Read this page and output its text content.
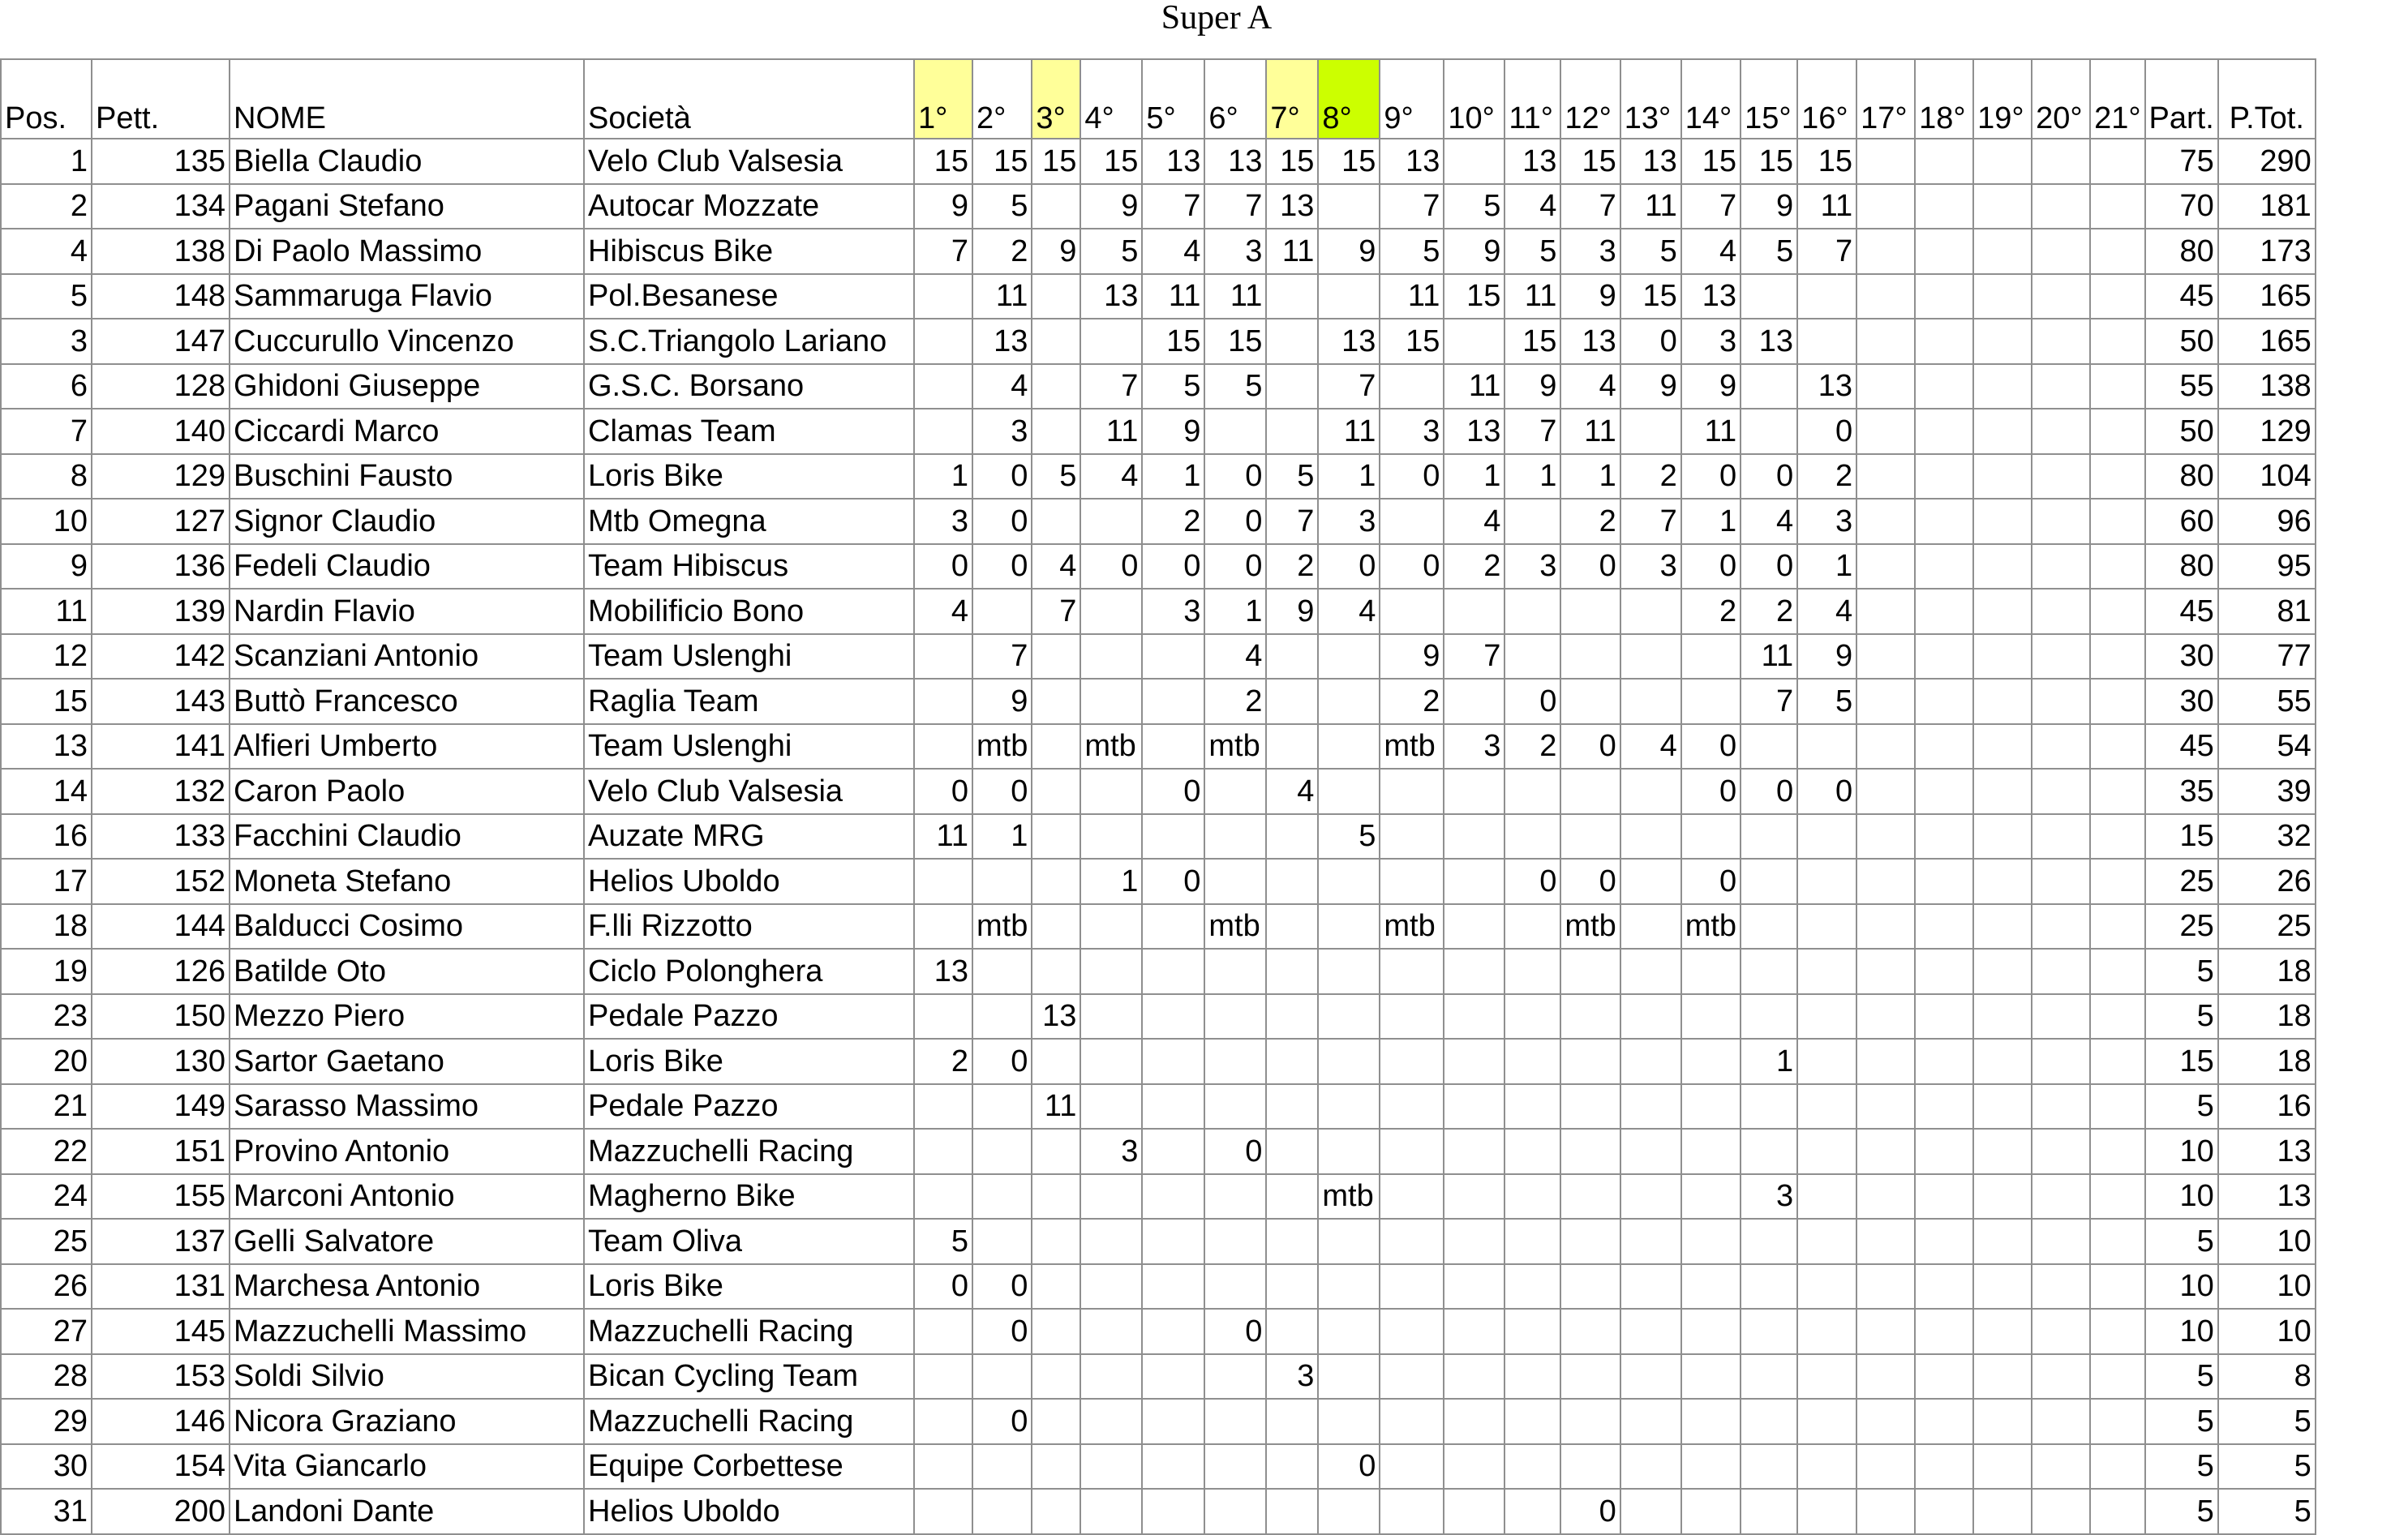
Super A
Pos.	Pett.	NOME	Società	1°	2°	3°	4°	5°	6°	7°	8°	9°	10°	11°	12°	13°	14°	15°	16°	17°	18°	19°	20°	21°	Part.	P.Tot.
1	135	Biella Claudio	Velo Club Valsesia	15	15	15	15	13	13	15	15	13		13	15	13	15	15	15						75	290
2	134	Pagani Stefano	Autocar Mozzate	9	5		9	7	7	13		7	5	4	7	11	7	9	11						70	181
4	138	Di Paolo Massimo	Hibiscus Bike	7	2	9	5	4	3	11	9	5	9	5	3	5	4	5	7						80	173
5	148	Sammaruga Flavio	Pol.Besanese		11		13	11	11			11	15	11	9	15	13								45	165
3	147	Cuccurullo Vincenzo	S.C.Triangolo Lariano		13			15	15		13	15		15	13	0	3	13							50	165
6	128	Ghidoni Giuseppe	G.S.C. Borsano		4		7	5	5		7		11	9	4	9	9		13						55	138
7	140	Ciccardi Marco	Clamas Team		3		11	9			11	3	13	7	11		11		0						50	129
8	129	Buschini Fausto	Loris Bike	1	0	5	4	1	0	5	1	0	1	1	1	2	0	0	2						80	104
10	127	Signor Claudio	Mtb Omegna	3	0			2	0	7	3		4		2	7	1	4	3						60	96
9	136	Fedeli Claudio	Team Hibiscus	0	0	4	0	0	0	2	0	0	2	3	0	3	0	0	1						80	95
11	139	Nardin Flavio	Mobilificio Bono	4		7		3	1	9	4						2	2	4						45	81
12	142	Scanziani Antonio	Team Uslenghi		7				4			9	7					11	9						30	77
15	143	Buttò Francesco	Raglia Team		9				2			2		0				7	5						30	55
13	141	Alfieri Umberto	Team Uslenghi		mtb		mtb		mtb			mtb	3	2	0	4	0								45	54
14	132	Caron Paolo	Velo Club Valsesia	0	0			0		4							0	0	0						35	39
16	133	Facchini Claudio	Auzate MRG	11	1						5														15	32
17	152	Moneta Stefano	Helios Uboldo				1	0						0	0		0								25	26
18	144	Balducci Cosimo	F.lli Rizzotto		mtb				mtb			mtb			mtb		mtb								25	25
19	126	Batilde Oto	Ciclo Polonghera	13																					5	18
23	150	Mezzo Piero	Pedale Pazzo			13																			5	18
20	130	Sartor Gaetano	Loris Bike	2	0													1							15	18
21	149	Sarasso Massimo	Pedale Pazzo			11																			5	16
22	151	Provino Antonio	Mazzuchelli Racing				3		0																10	13
24	155	Marconi Antonio	Magherno Bike								mtb							3							10	13
25	137	Gelli Salvatore	Team Oliva	5																					5	10
26	131	Marchesa Antonio	Loris Bike	0	0																				10	10
27	145	Mazzuchelli Massimo	Mazzuchelli Racing		0				0																10	10
28	153	Soldi Silvio	Bican Cycling Team							3															5	8
29	146	Nicora Graziano	Mazzuchelli Racing		0																				5	5
30	154	Vita Giancarlo	Equipe Corbettese								0														5	5
31	200	Landoni Dante	Helios Uboldo												0										5	5
